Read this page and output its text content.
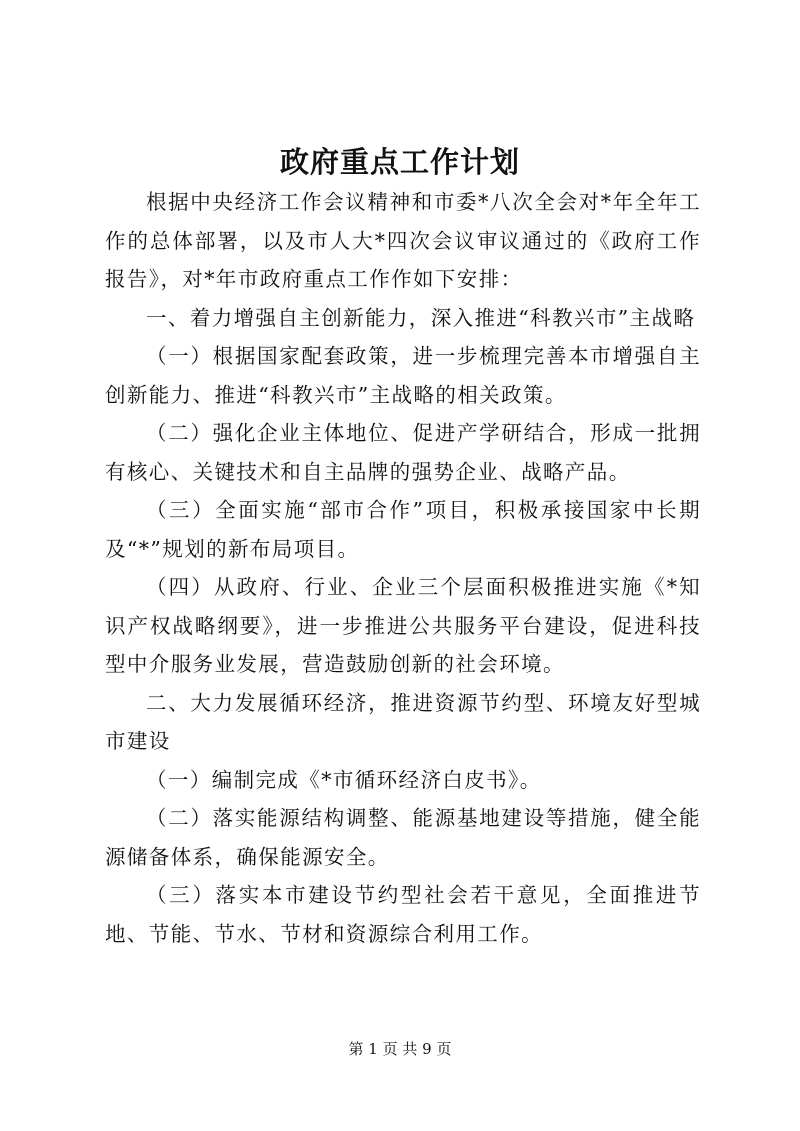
政府重点工作计划

根据中央经济工作会议精神和市委*八次全会对*年全年工作的总体部署，以及市人大*四次会议审议通过的《政府工作报告》，对*年市政府重点工作作如下安排：

一、着力增强自主创新能力，深入推进“科教兴市”主战略

（一）根据国家配套政策，进一步梳理完善本市增强自主创新能力、推进“科教兴市”主战略的相关政策。

（二）强化企业主体地位、促进产学研结合，形成一批拥有核心、关键技术和自主品牌的强势企业、战略产品。

（三）全面实施“部市合作”项目，积极承接国家中长期及“*”规划的新布局项目。

（四）从政府、行业、企业三个层面积极推进实施《*知识产权战略纲要》，进一步推进公共服务平台建设，促进科技型中介服务业发展，营造鼓励创新的社会环境。

二、大力发展循环经济，推进资源节约型、环境友好型城市建设

（一）编制完成《*市循环经济白皮书》。

（二）落实能源结构调整、能源基地建设等措施，健全能源储备体系，确保能源安全。

（三）落实本市建设节约型社会若干意见，全面推进节地、节能、节水、节材和资源综合利用工作。

第 1 页 共 9 页
